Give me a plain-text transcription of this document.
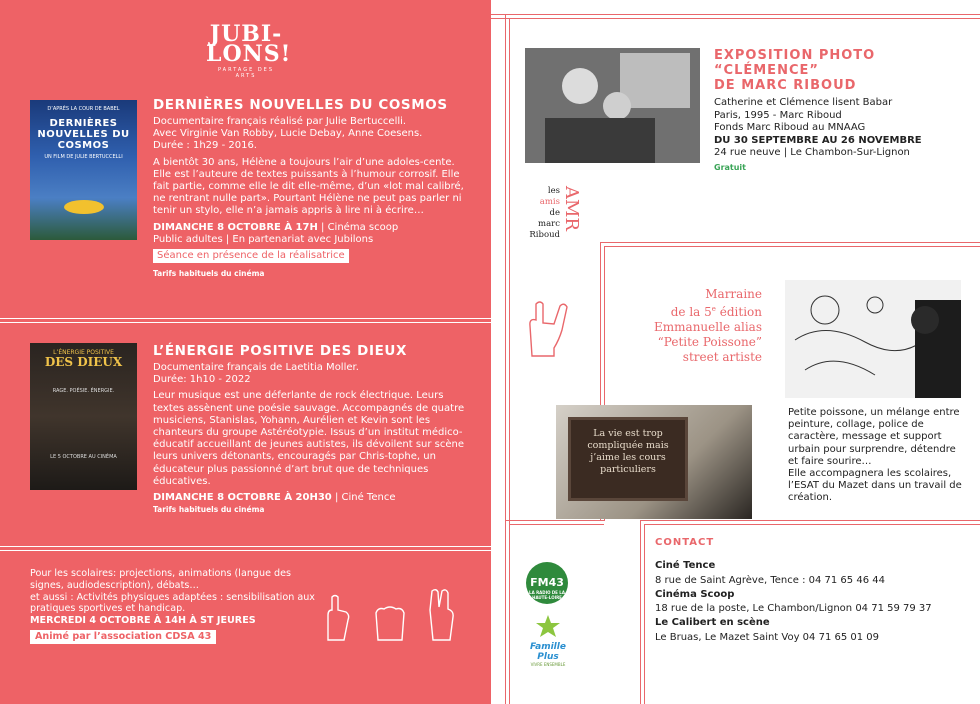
JUBI-
LONS!
PARTAGE DES ARTS
D’APRÈS LA COUR DE BABEL
DERNIÈRES NOUVELLES DU COSMOS
UN FILM DE JULIE BERTUCCELLI
DERNIÈRES NOUVELLES DU COSMOS

Documentaire français réalisé par Julie Bertuccelli.
Avec Virginie Van Robby, Lucie Debay, Anne Coesens.
Durée : 1h29 - 2016.

A bientôt 30 ans, Hélène a toujours l’air d’une adoles-cente. Elle est l’auteure de textes puissants à l’humour corrosif. Elle fait partie, comme elle le dit elle-même, d’un «lot mal calibré, ne rentrant nulle part». Pourtant Hélène ne peut pas parler ni tenir un stylo, elle n’a jamais appris à lire ni à écrire…

DIMANCHE 8 OCTOBRE À 17H | Cinéma scoop
Public adultes | En partenariat avec Jubilons
Séance en présence de la réalisatrice
Tarifs habituels du cinéma
L’ÉNERGIE POSITIVE
DES DIEUX
RAGE. POÉSIE. ÉNERGIE.
LE 5 OCTOBRE AU CINÉMA
L’ÉNERGIE POSITIVE DES DIEUX

Documentaire français de Laetitia Moller.
Durée: 1h10 - 2022

Leur musique est une déferlante de rock électrique. Leurs textes assènent une poésie sauvage. Accompagnés de quatre musiciens, Stanislas, Yohann, Aurélien et Kevin sont les chanteurs du groupe Astéréotypie. Issus d’un institut médico-éducatif accueillant de jeunes autistes, ils dévoilent sur scène leurs univers détonants, encouragés par Chris-tophe, un éducateur plus passionné d’art brut que de techniques éducatives.

DIMANCHE 8 OCTOBRE À 20H30 | Ciné Tence
Tarifs habituels du cinéma
Pour les scolaires: projections, animations (langue des signes, audiodescription), débats…
et aussi : Activités physiques adaptées : sensibilisation aux pratiques sportives et handicap.
MERCREDI 4 OCTOBRE À 14H À ST JEURES
Animé par l’association CDSA 43
EXPOSITION PHOTO
“CLÉMENCE”
DE MARC RIBOUD
Catherine et Clémence lisent Babar
Paris, 1995 - Marc Riboud
Fonds Marc Riboud au MNAAG
DU 30 SEPTEMBRE AU 26 NOVEMBRE
24 rue neuve | Le Chambon-Sur-Lignon
Gratuit
les
amis
de
marc
Riboud
AMR
Marraine
de la 5e édition
Emmanuelle alias
“Petite Poissone”
street artiste
La vie est trop compliquée mais j’aime les cours particuliers
Petite poissone, un mélange entre peinture, collage, police de caractère, message et support urbain pour surprendre, détendre et faire sourire…
Elle accompagnera les scolaires, l’ESAT du Mazet dans un travail de création.
CONTACT

Ciné Tence

8 rue de Saint Agrève, Tence : 04 71 65 46 44

Cinéma Scoop

18 rue de la poste, Le Chambon/Lignon 04 71 59 79 37

Le Calibert en scène

Le Bruas, Le Mazet Saint Voy 04 71 65 01 09

FM43
LA RADIO DE LA HAUTE-LOIRE
Famille Plus
VIVRE ENSEMBLE
